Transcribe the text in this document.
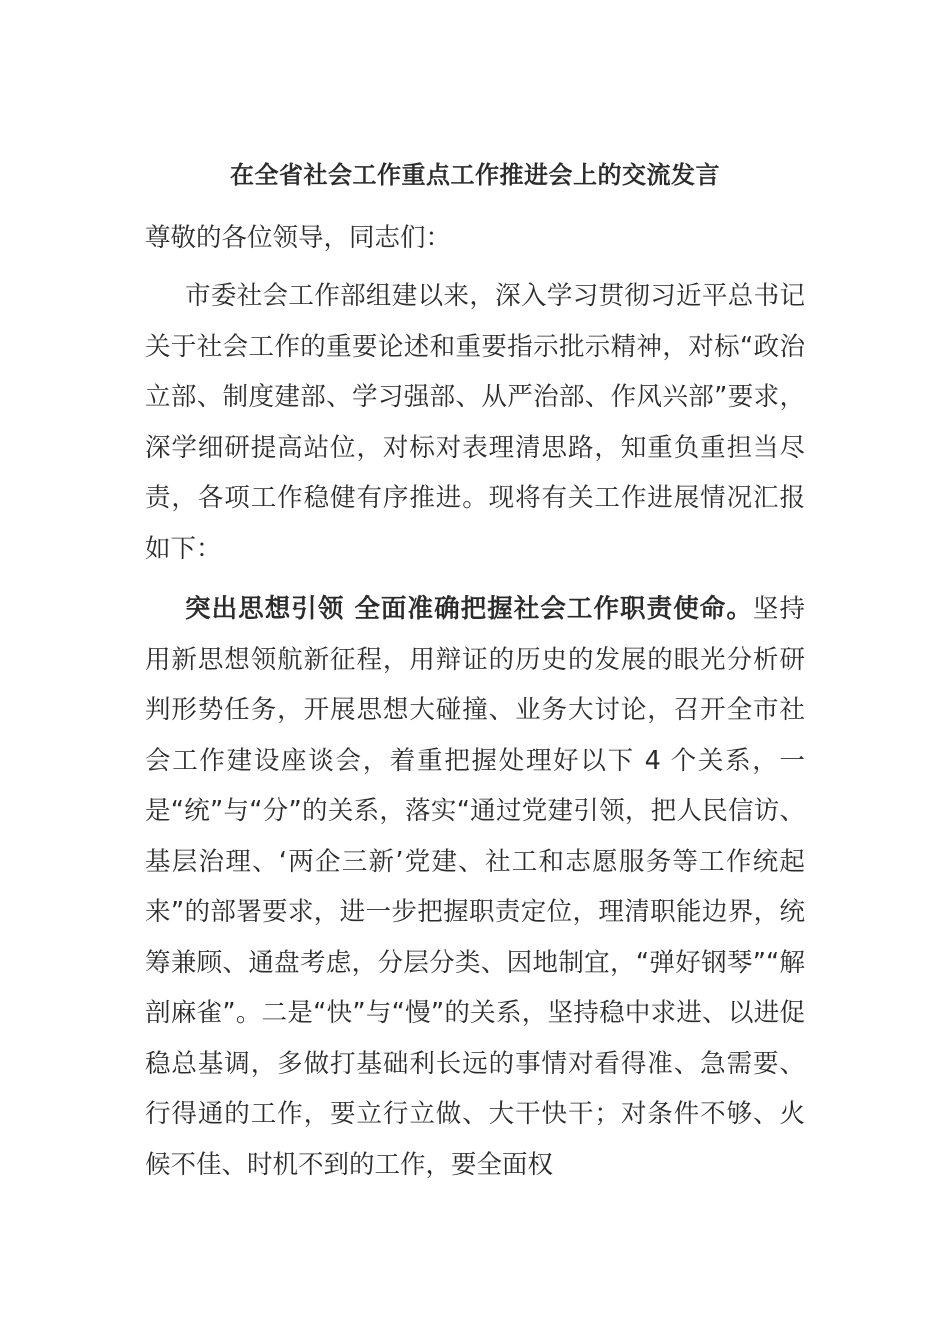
在全省社会工作重点工作推进会上的交流发言
尊敬的各位领导，同志们：
市委社会工作部组建以来，深入学习贯彻习近平总书记关于社会工作的重要论述和重要指示批示精神，对标“政治立部、制度建部、学习强部、从严治部、作风兴部”要求，深学细研提高站位，对标对表理清思路，知重负重担当尽责，各项工作稳健有序推进。现将有关工作进展情况汇报如下：
突出思想引领 全面准确把握社会工作职责使命。坚持用新思想领航新征程，用辩证的历史的发展的眼光分析研判形势任务，开展思想大碰撞、业务大讨论，召开全市社会工作建设座谈会，着重把握处理好以下 4 个关系，一是“统”与“分”的关系，落实“通过党建引领，把人民信访、基层治理、‘两企三新’党建、社工和志愿服务等工作统起来”的部署要求，进一步把握职责定位，理清职能边界，统筹兼顾、通盘考虑，分层分类、因地制宜，“弹好钢琴”“解剖麻雀”。二是“快”与“慢”的关系，坚持稳中求进、以进促稳总基调，多做打基础利长远的事情对看得准、急需要、行得通的工作，要立行立做、大干快干；对条件不够、火候不佳、时机不到的工作，要全面权
